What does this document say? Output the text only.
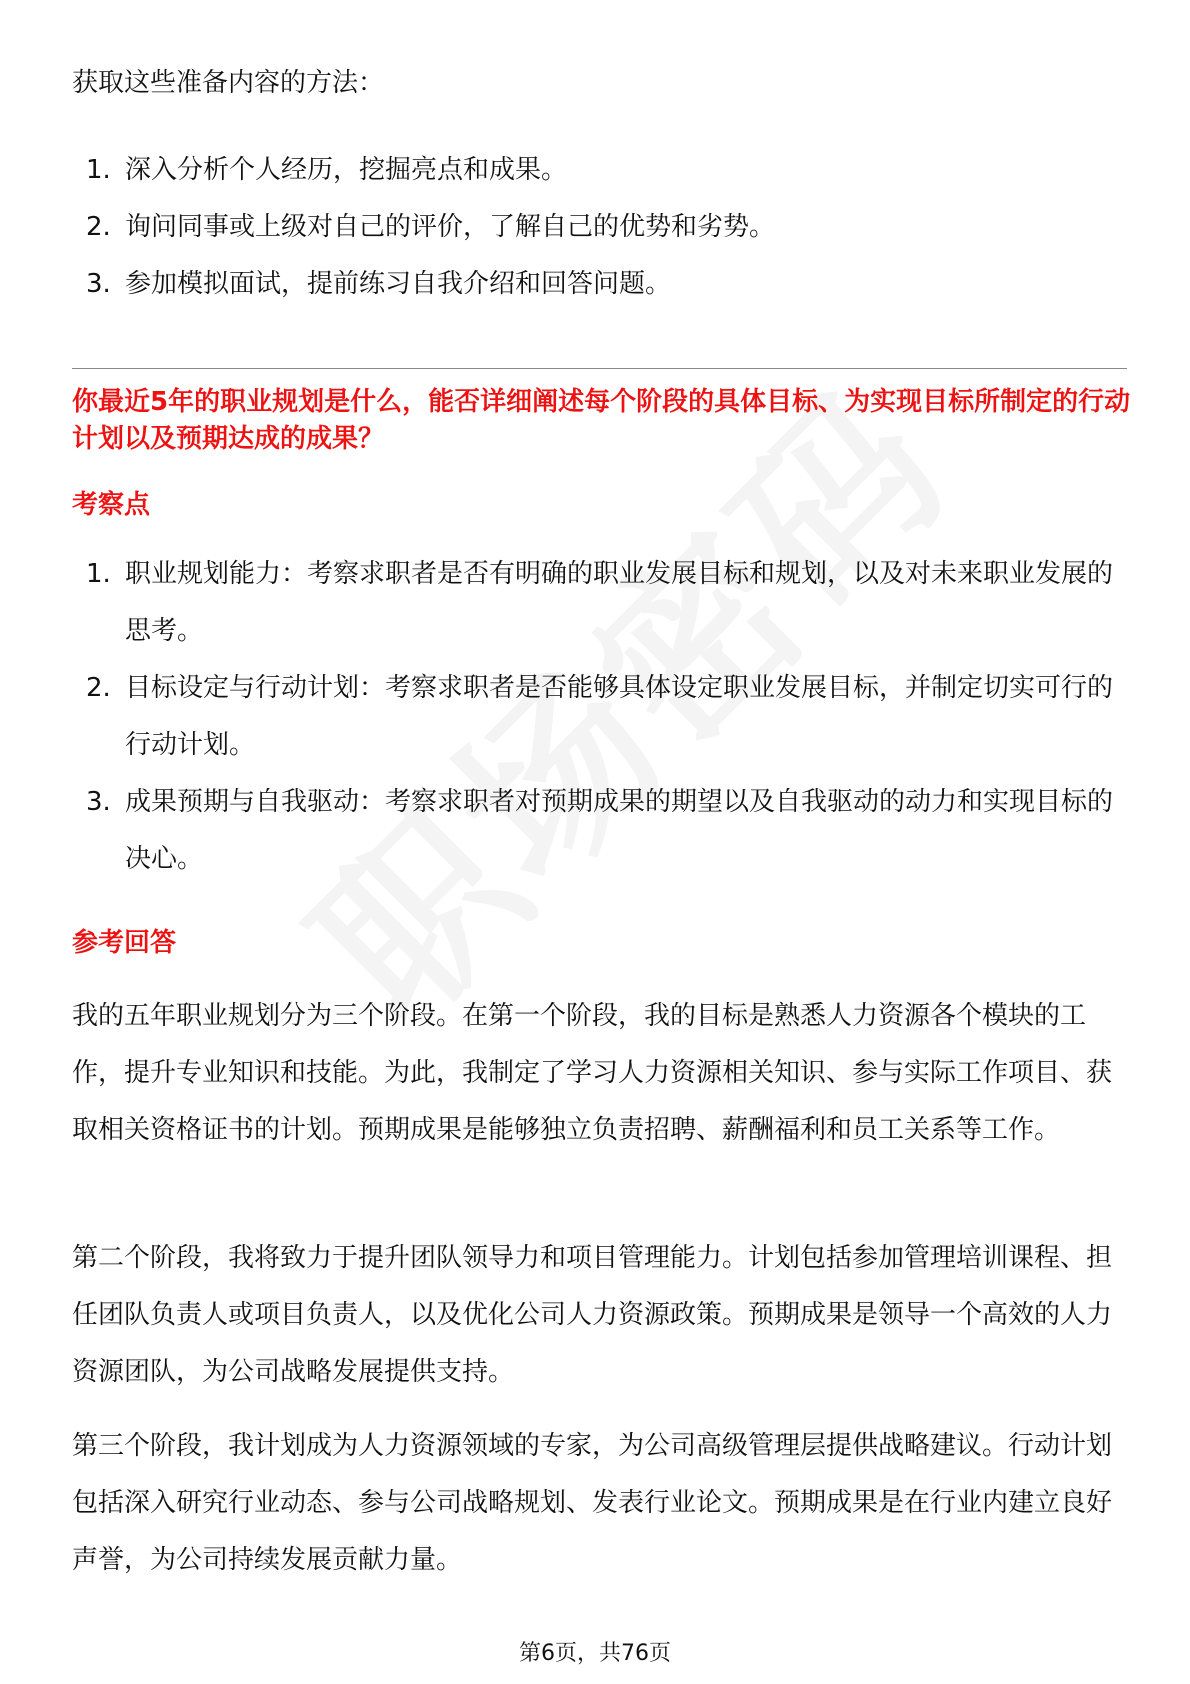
获取这些准备内容的方法：

1. 深入分析个人经历，挖掘亮点和成果。
2. 询问同事或上级对自己的评价，了解自己的优势和劣势。
3. 参加模拟面试，提前练习自我介绍和回答问题。
你最近5年的职业规划是什么，能否详细阐述每个阶段的具体目标、为实现目标所制定的行动计划以及预期达成的成果？
考察点
1. 职业规划能力：考察求职者是否有明确的职业发展目标和规划，以及对未来职业发展的思考。
2. 目标设定与行动计划：考察求职者是否能够具体设定职业发展目标，并制定切实可行的行动计划。
3. 成果预期与自我驱动：考察求职者对预期成果的期望以及自我驱动的动力和实现目标的决心。
参考回答

我的五年职业规划分为三个阶段。在第一个阶段，我的目标是熟悉人力资源各个模块的工作，提升专业知识和技能。为此，我制定了学习人力资源相关知识、参与实际工作项目、获取相关资格证书的计划。预期成果是能够独立负责招聘、薪酬福利和员工关系等工作。

第二个阶段，我将致力于提升团队领导力和项目管理能力。计划包括参加管理培训课程、担任团队负责人或项目负责人，以及优化公司人力资源政策。预期成果是领导一个高效的人力资源团队，为公司战略发展提供支持。

第三个阶段，我计划成为人力资源领域的专家，为公司高级管理层提供战略建议。行动计划包括深入研究行业动态、参与公司战略规划、发表行业论文。预期成果是在行业内建立良好声誉，为公司持续发展贡献力量。

第6页，共76页
